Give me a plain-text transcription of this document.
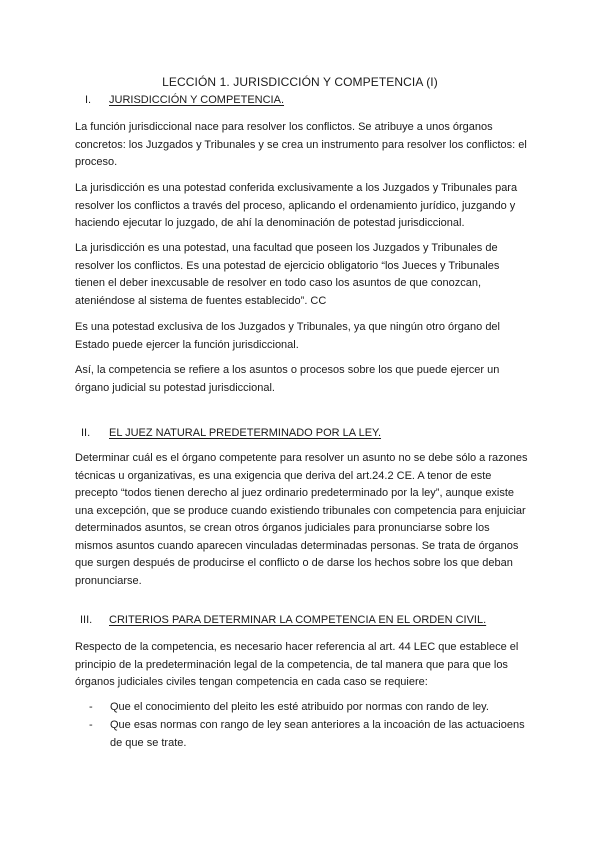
LECCIÓN 1. JURISDICCIÓN Y COMPETENCIA (I)
I. JURISDICCIÓN Y COMPETENCIA.

La función jurisdiccional nace para resolver los conflictos. Se atribuye a unos órganos concretos: los Juzgados y Tribunales y se crea un instrumento para resolver los conflictos: el proceso.

La jurisdicción es una potestad conferida exclusivamente a los Juzgados y Tribunales para resolver los conflictos a través del proceso, aplicando el ordenamiento jurídico, juzgando y haciendo ejecutar lo juzgado, de ahí la denominación de potestad jurisdiccional.

La jurisdicción es una potestad, una facultad que poseen los Juzgados y Tribunales de resolver los conflictos. Es una potestad de ejercicio obligatorio “los Jueces y Tribunales tienen el deber inexcusable de resolver en todo caso los asuntos de que conozcan, ateniéndose al sistema de fuentes establecido”. CC

Es una potestad exclusiva de los Juzgados y Tribunales, ya que ningún otro órgano del Estado puede ejercer la función jurisdiccional.

Así, la competencia se refiere a los asuntos o procesos sobre los que puede ejercer un órgano judicial su potestad jurisdiccional.

II. EL JUEZ NATURAL PREDETERMINADO POR LA LEY.

Determinar cuál es el órgano competente para resolver un asunto no se debe sólo a razones técnicas u organizativas, es una exigencia que deriva del art.24.2 CE. A tenor de este precepto “todos tienen derecho al juez ordinario predeterminado por la ley”, aunque existe una excepción, que se produce cuando existiendo tribunales con competencia para enjuiciar determinados asuntos, se crean otros órganos judiciales para pronunciarse sobre los mismos asuntos cuando aparecen vinculadas determinadas personas. Se trata de órganos que surgen después de producirse el conflicto o de darse los hechos sobre los que deban pronunciarse.

III. CRITERIOS PARA DETERMINAR LA COMPETENCIA EN EL ORDEN CIVIL.

Respecto de la competencia, es necesario hacer referencia al art. 44 LEC que establece el principio de la predeterminación legal de la competencia, de tal manera que para que los órganos judiciales civiles tengan competencia en cada caso se requiere:

- Que el conocimiento del pleito les esté atribuido por normas con rando de ley.
- Que esas normas con rango de ley sean anteriores a la incoación de las actuacioens de que se trate.
